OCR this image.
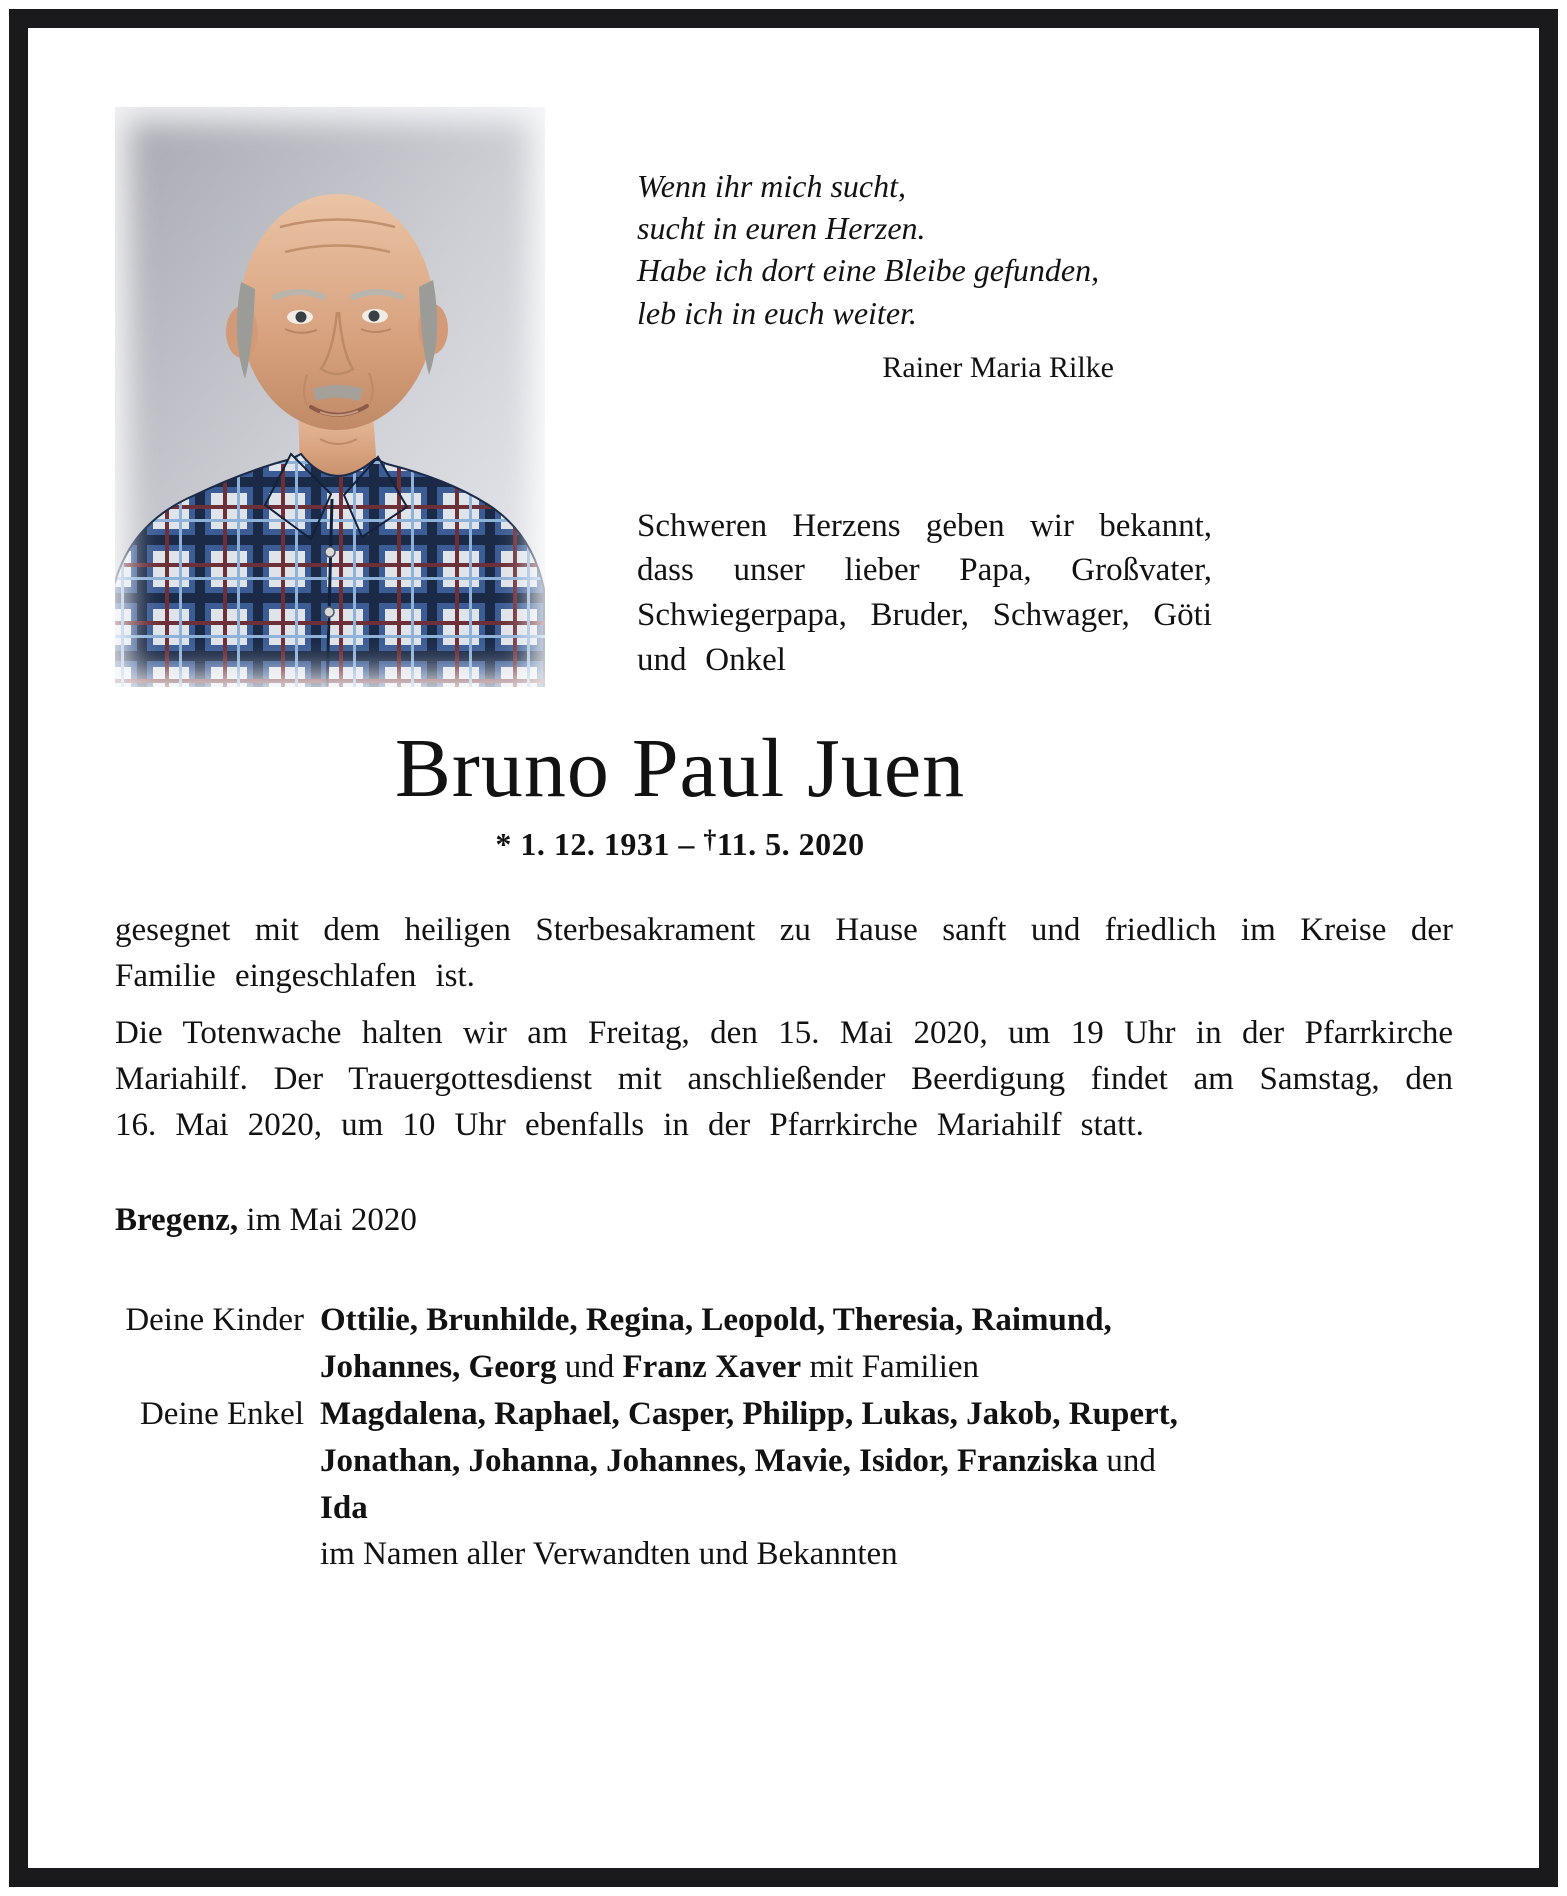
Wenn ihr mich sucht,
sucht in euren Herzen.
Habe ich dort eine Bleibe gefunden,
leb ich in euch weiter.
Rainer Maria Rilke

Schweren Herzens geben wir bekannt, dass unser lieber Papa, Großvater, Schwiegerpapa, Bruder, Schwager, Göti und Onkel

Bruno Paul Juen
* 1. 12. 1931 – †11. 5. 2020

gesegnet mit dem heiligen Sterbesakrament zu Hause sanft und friedlich im Kreise der Familie eingeschlafen ist.

Die Totenwache halten wir am Freitag, den 15. Mai 2020, um 19 Uhr in der Pfarrkirche Mariahilf. Der Trauergottesdienst mit anschließender Beerdigung findet am Samstag, den 16. Mai 2020, um 10 Uhr ebenfalls in der Pfarrkirche Mariahilf statt.

Bregenz, im Mai 2020

Deine Kinder Ottilie, Brunhilde, Regina, Leopold, Theresia, Raimund, Johannes, Georg und Franz Xaver mit Familien
Deine Enkel Magdalena, Raphael, Casper, Philipp, Lukas, Jakob, Rupert, Jonathan, Johanna, Johannes, Mavie, Isidor, Franziska und Ida
im Namen aller Verwandten und Bekannten
